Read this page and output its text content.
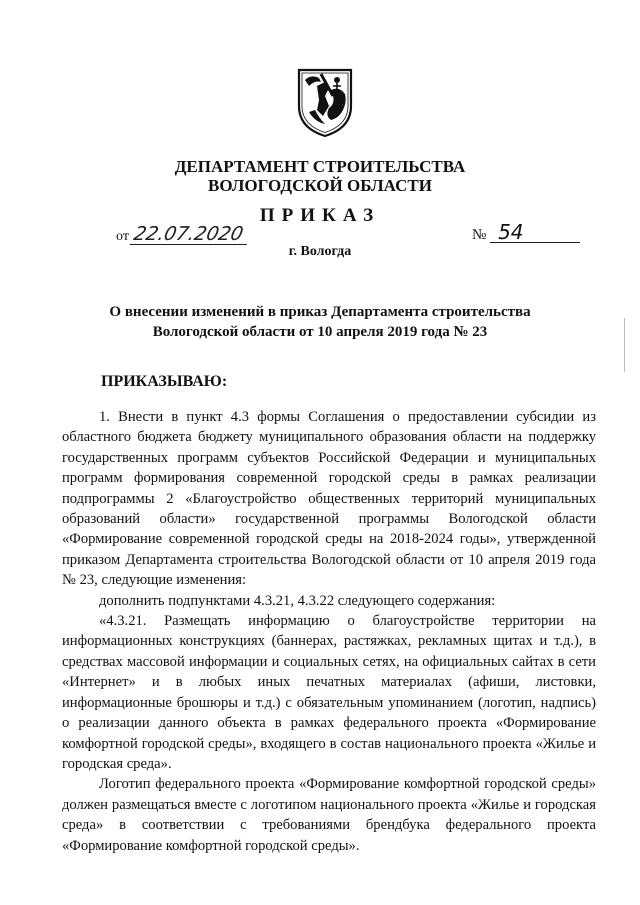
ДЕПАРТАМЕНТ СТРОИТЕЛЬСТВА
ВОЛОГОДСКОЙ ОБЛАСТИ
ПРИКАЗ
от 22.07.2020	№ 54
г. Вологда
О внесении изменений в приказ Департамента строительства
Вологодской области от 10 апреля 2019 года № 23
ПРИКАЗЫВАЮ:

1. Внести в пункт 4.3 формы Соглашения о предоставлении субсидии из областного бюджета бюджету муниципального образования области на поддержку государственных программ субъектов Российской Федерации и муниципальных программ формирования современной городской среды в рамках реализации подпрограммы 2 «Благоустройство общественных территорий муниципальных образований области» государственной программы Вологодской области «Формирование современной городской среды на 2018-2024 годы», утвержденной приказом Департамента строительства Вологодской области от 10 апреля 2019 года № 23, следующие изменения:

дополнить подпунктами 4.3.21, 4.3.22 следующего содержания:

«4.3.21. Размещать информацию о благоустройстве территории на информационных конструкциях (баннерах, растяжках, рекламных щитах и т.д.), в средствах массовой информации и социальных сетях, на официальных сайтах в сети «Интернет» и в любых иных печатных материалах (афиши, листовки, информационные брошюры и т.д.) с обязательным упоминанием (логотип, надпись) о реализации данного объекта в рамках федерального проекта «Формирование комфортной городской среды», входящего в состав национального проекта «Жилье и городская среда».

Логотип федерального проекта «Формирование комфортной городской среды» должен размещаться вместе с логотипом национального проекта «Жилье и городская среда» в соответствии с требованиями брендбука федерального проекта «Формирование комфортной городской среды».
